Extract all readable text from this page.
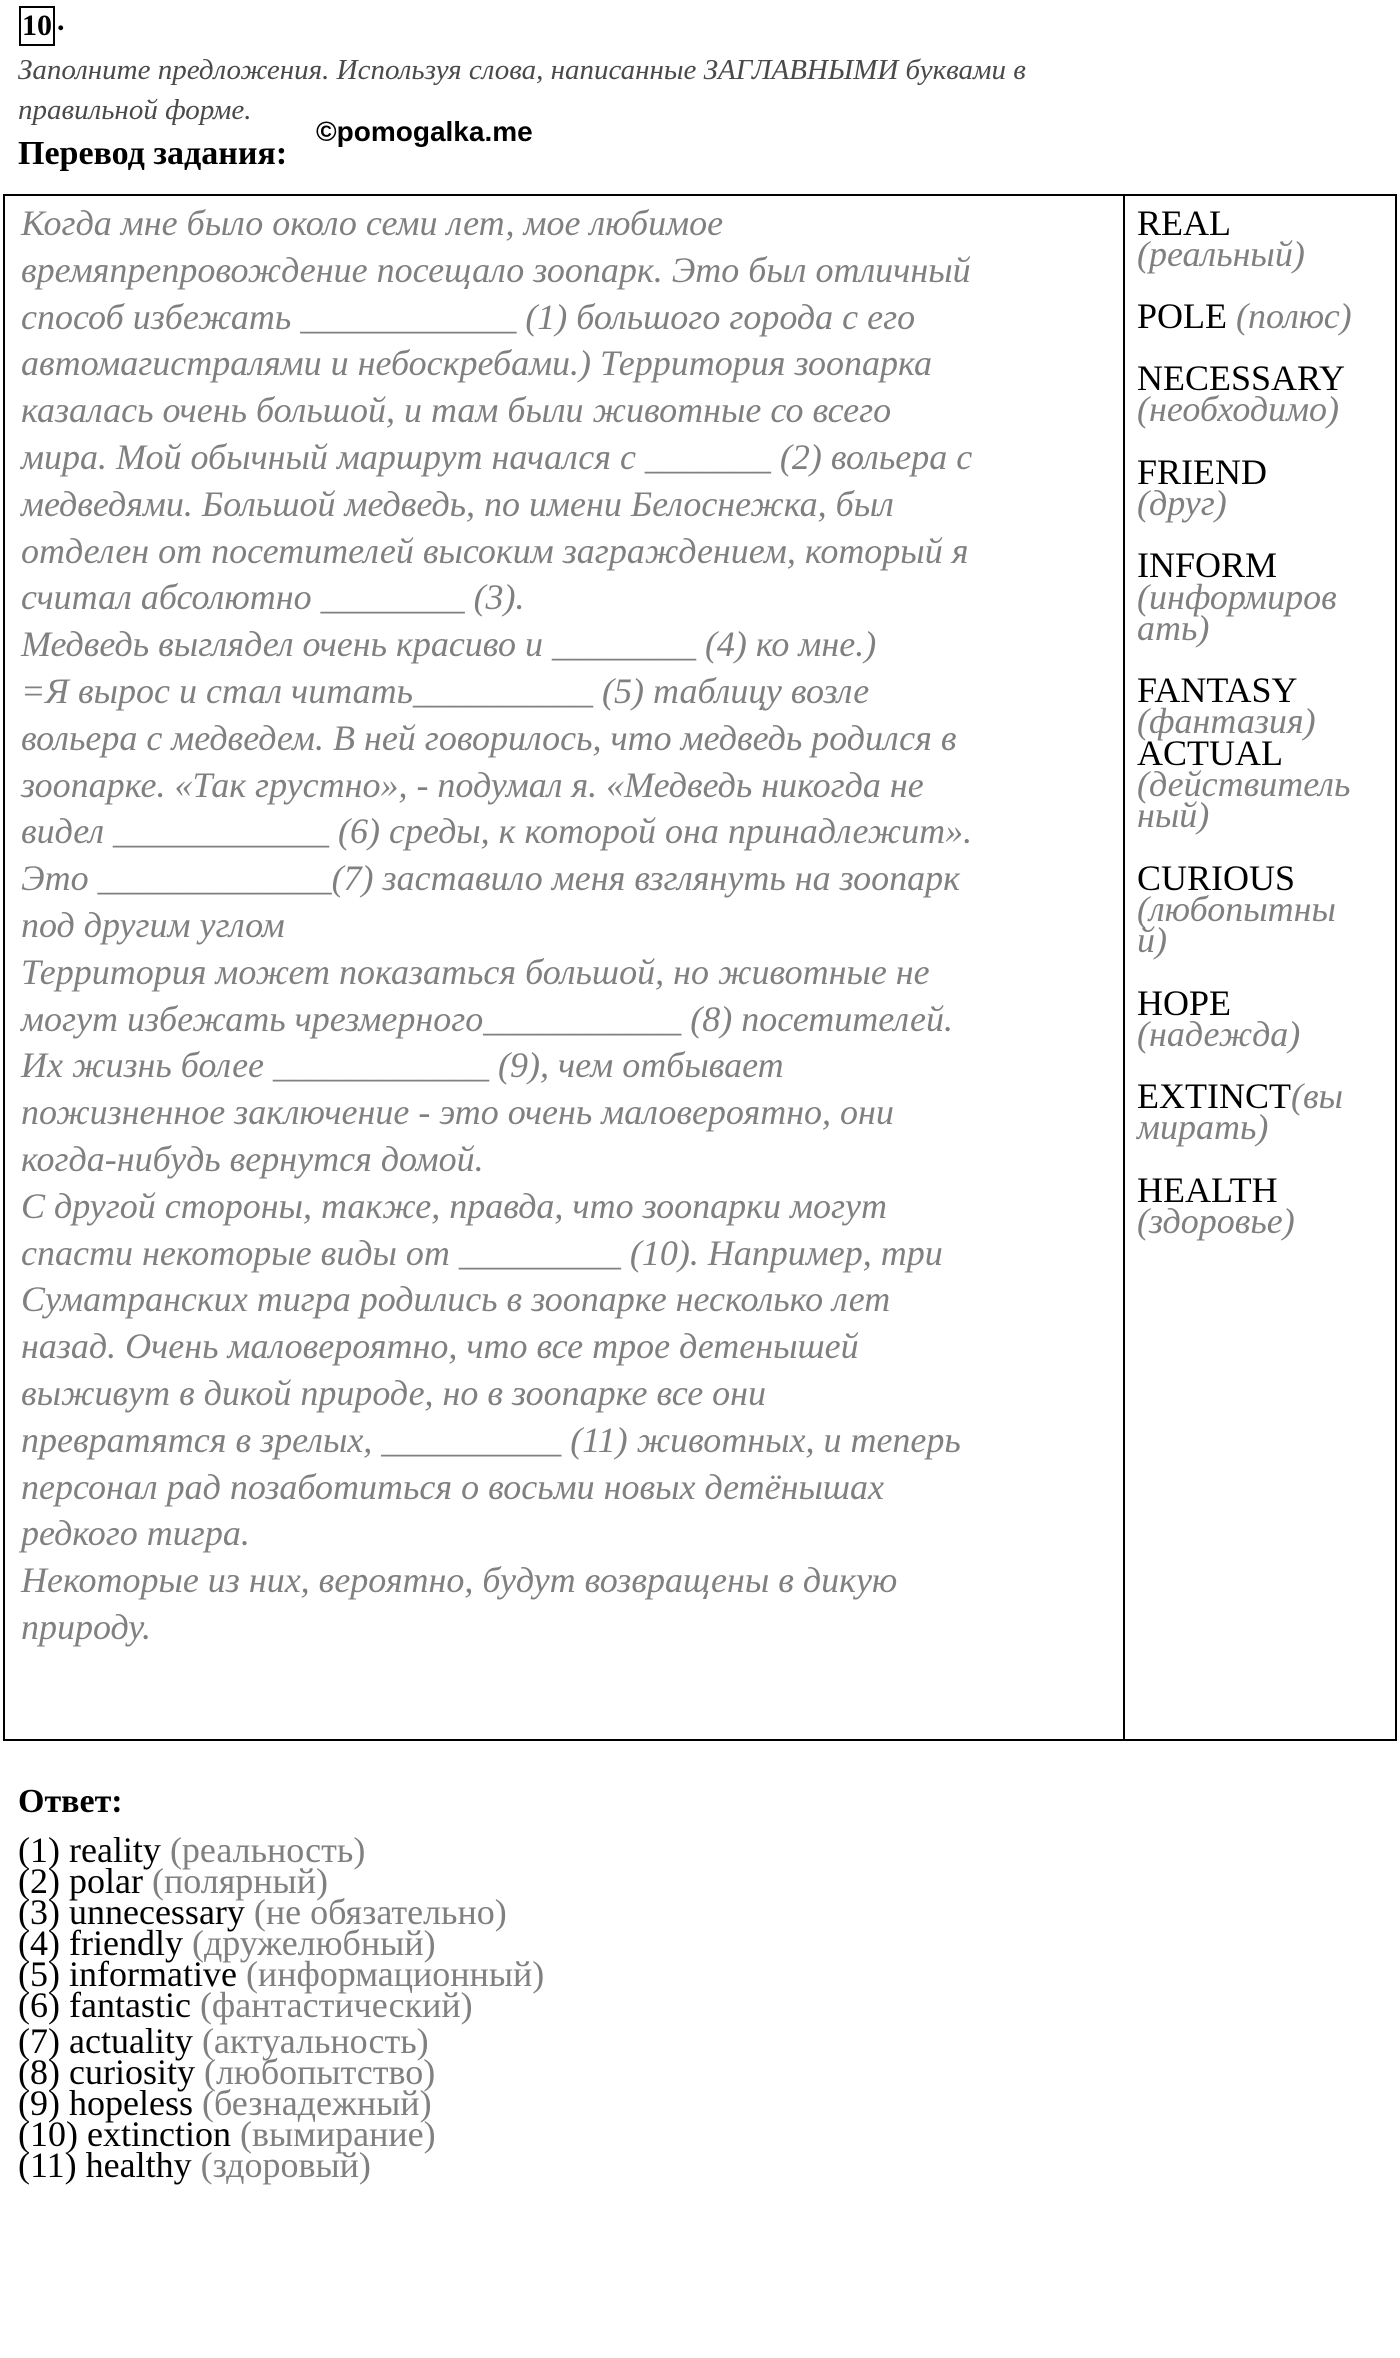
10 .
Заполните предложения. Используя слова, написанные ЗАГЛАВНЫМИ буквами в
правильной форме.
Перевод задания:
©pomogalka.me
Когда мне было около семи лет, мое любимое
времяпрепровождение посещало зоопарк. Это был отличный
способ избежать ____________ (1) большого города с его
автомагистралями и небоскребами.) Территория зоопарка
казалась очень большой, и там были животные со всего
мира. Мой обычный маршрут начался с _______ (2) вольера с
медведями. Большой медведь, по имени Белоснежка, был
отделен от посетителей высоким заграждением, который я
считал абсолютно ________ (3).
Медведь выглядел очень красиво и ________ (4) ко мне.)
=Я вырос и стал читать__________ (5) таблицу возле
вольера с медведем. В ней говорилось, что медведь родился в
зоопарке. «Так грустно», - подумал я. «Медведь никогда не
видел ____________ (6) среды, к которой она принадлежит».
Это _____________(7) заставило меня взглянуть на зоопарк
под другим углом
Территория может показаться большой, но животные не
могут избежать чрезмерного___________ (8) посетителей.
Их жизнь более ____________ (9), чем отбывает
пожизненное заключение - это очень маловероятно, они
когда-нибудь вернутся домой.
С другой стороны, также, правда, что зоопарки могут
спасти некоторые виды от _________ (10). Например, три
Суматранских тигра родились в зоопарке несколько лет
назад. Очень маловероятно, что все трое детенышей
выживут в дикой природе, но в зоопарке все они
превратятся в зрелых, __________ (11) животных, и теперь
персонал рад позаботиться о восьми новых детёнышах
редкого тигра.
Некоторые из них, вероятно, будут возвращены в дикую
природу.
REAL
(реальный)
POLE (полюс)
NECESSARY
(необходимо)
FRIEND
(друг)
INFORM
(информиров
ать)
FANTASY
(фантазия)
ACTUAL
(действитель
ный)
CURIOUS
(любопытны
й)
HOPE
(надежда)
EXTINCT(вы
мирать)
HEALTH
(здоровье)
Ответ:
(1) reality (реальность)
(2) polar (полярный)
(3) unnecessary (не обязательно)
(4) friendly (дружелюбный)
(5) informative (информационный)
(6) fantastic (фантастический)
(7) actuality (актуальность)
(8) curiosity (любопытство)
(9) hopeless (безнадежный)
(10) extinction (вымирание)
(11) healthy (здоровый)
